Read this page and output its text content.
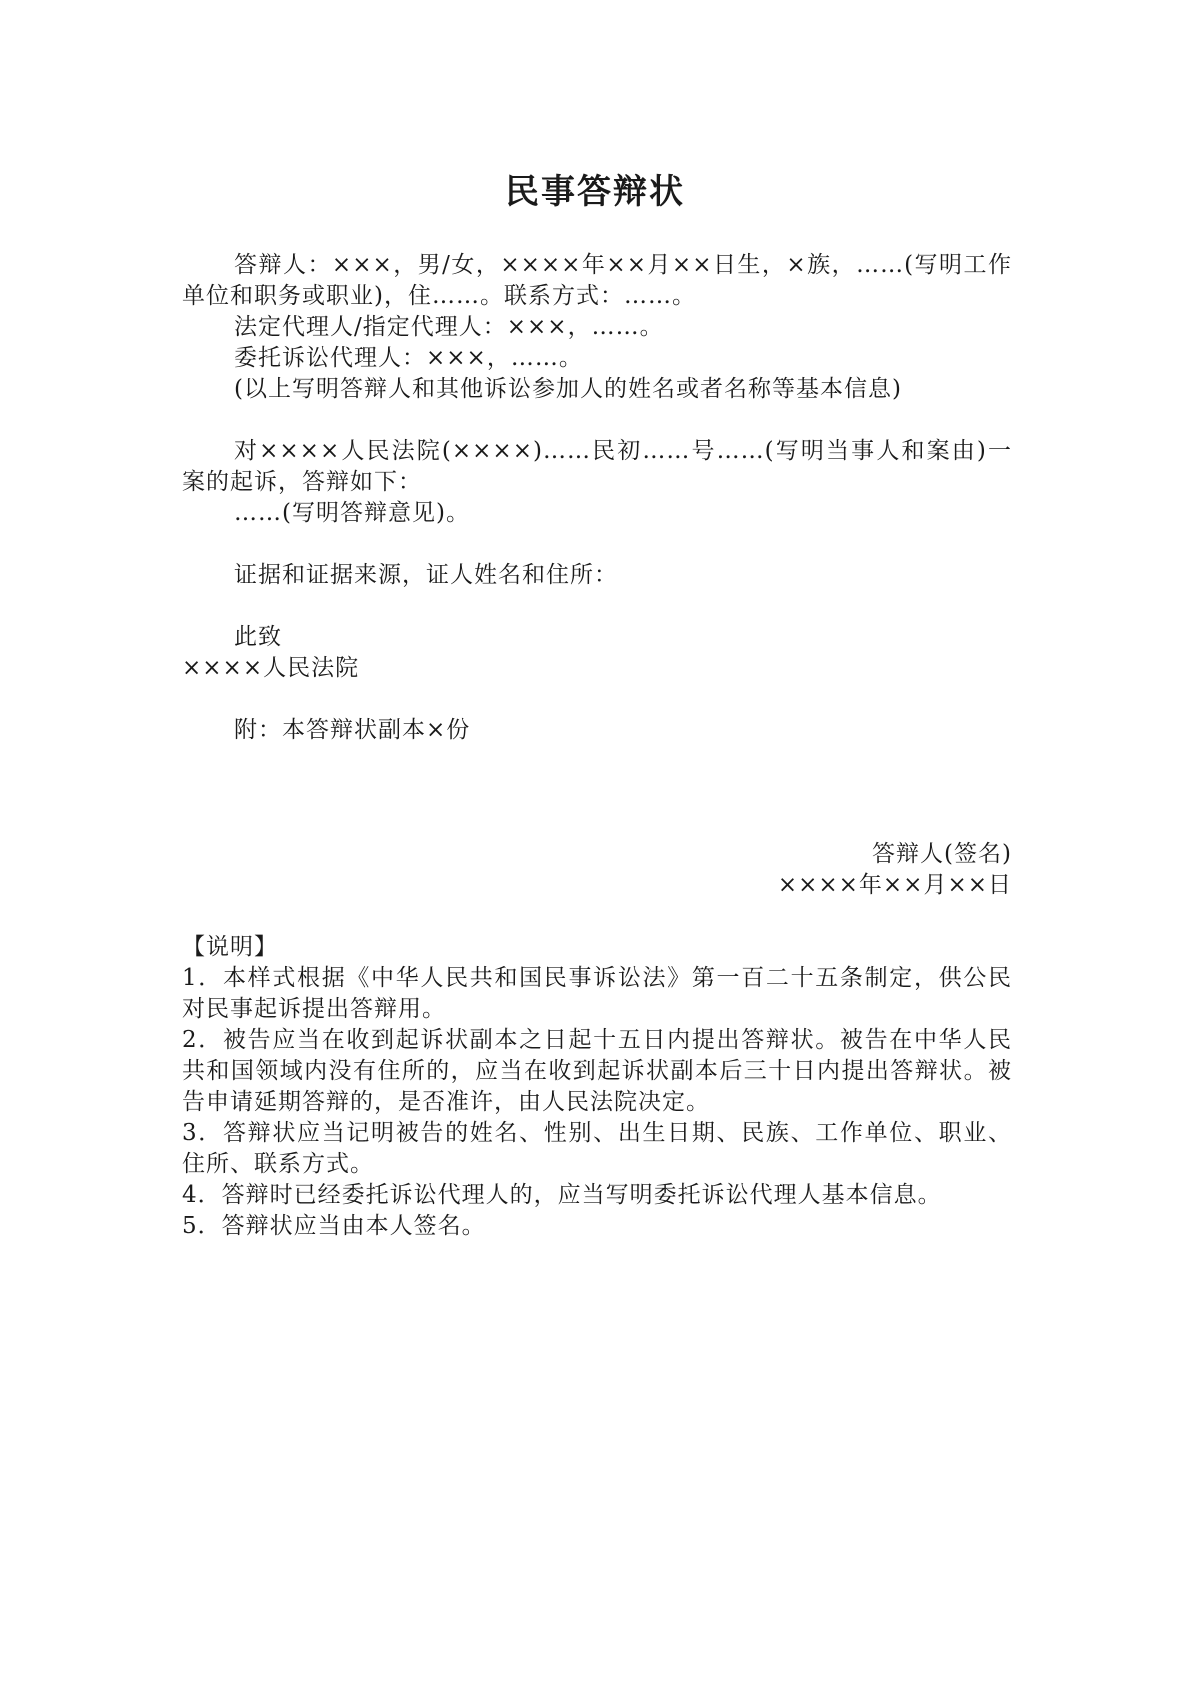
民事答辩状

答辩人：×××，男/女，××××年××月××日生，×族，……(写明工作单位和职务或职业)，住……。联系方式：……。

法定代理人/指定代理人：×××，……。

委托诉讼代理人：×××，……。

(以上写明答辩人和其他诉讼参加人的姓名或者名称等基本信息)

对××××人民法院(××××)……民初……号……(写明当事人和案由)一案的起诉，答辩如下：

……(写明答辩意见)。

证据和证据来源，证人姓名和住所：

此致

××××人民法院

附：本答辩状副本×份

答辩人(签名)

××××年××月××日

【说明】

1．本样式根据《中华人民共和国民事诉讼法》第一百二十五条制定，供公民对民事起诉提出答辩用。

2．被告应当在收到起诉状副本之日起十五日内提出答辩状。被告在中华人民共和国领域内没有住所的，应当在收到起诉状副本后三十日内提出答辩状。被告申请延期答辩的，是否准许，由人民法院决定。

3．答辩状应当记明被告的姓名、性别、出生日期、民族、工作单位、职业、住所、联系方式。

4．答辩时已经委托诉讼代理人的，应当写明委托诉讼代理人基本信息。

5．答辩状应当由本人签名。
